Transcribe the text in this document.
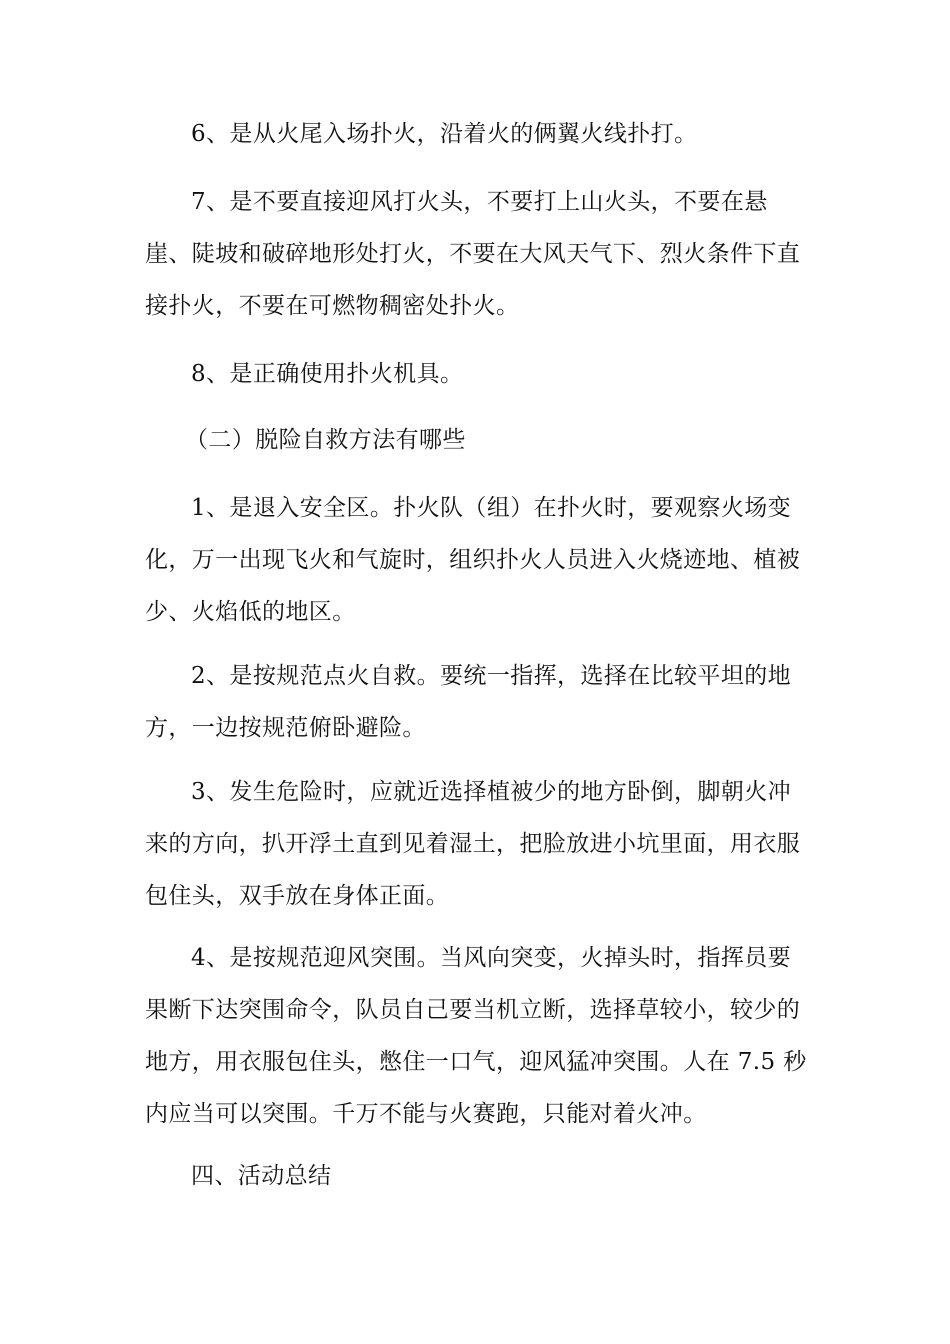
6、是从火尾入场扑火，沿着火的俩翼火线扑打。

7、是不要直接迎风打火头，不要打上山火头，不要在悬崖、陡坡和破碎地形处打火，不要在大风天气下、烈火条件下直接扑火，不要在可燃物稠密处扑火。

8、是正确使用扑火机具。

（二）脱险自救方法有哪些

1、是退入安全区。扑火队（组）在扑火时，要观察火场变化，万一出现飞火和气旋时，组织扑火人员进入火烧迹地、植被少、火焰低的地区。

2、是按规范点火自救。要统一指挥，选择在比较平坦的地方，一边按规范俯卧避险。

3、发生危险时，应就近选择植被少的地方卧倒，脚朝火冲来的方向，扒开浮土直到见着湿土，把脸放进小坑里面，用衣服包住头，双手放在身体正面。

4、是按规范迎风突围。当风向突变，火掉头时，指挥员要果断下达突围命令，队员自己要当机立断，选择草较小，较少的地方，用衣服包住头，憋住一口气，迎风猛冲突围。人在 7.5 秒内应当可以突围。千万不能与火赛跑，只能对着火冲。

四、活动总结
